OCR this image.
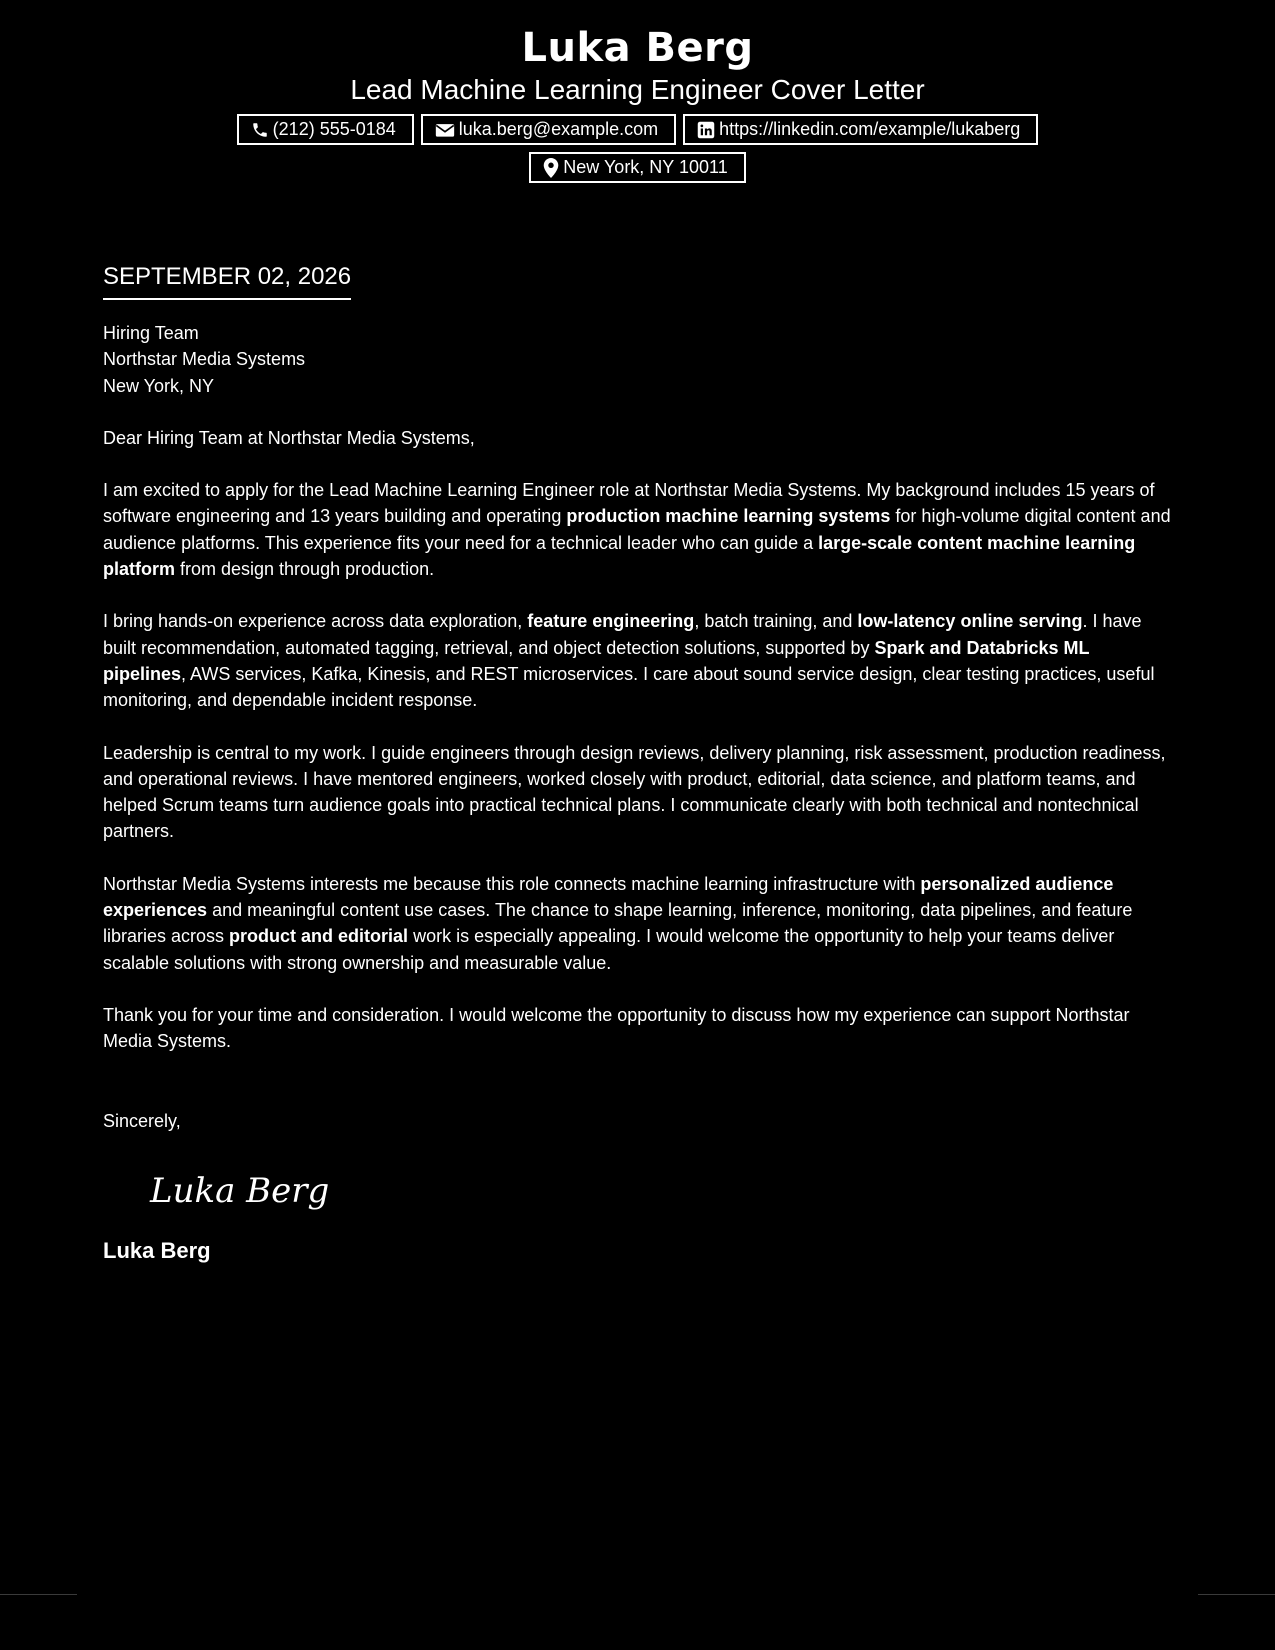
Luka Berg
Lead Machine Learning Engineer Cover Letter
(212) 555-0184	luka.berg@example.com	https://linkedin.com/example/lukaberg
New York, NY 10011
SEPTEMBER 02, 2026

Hiring Team

Northstar Media Systems

New York, NY

Dear Hiring Team at Northstar Media Systems,

I am excited to apply for the Lead Machine Learning Engineer role at Northstar Media Systems. My background includes 15 years of software engineering and 13 years building and operating production machine learning systems for high-volume digital content and audience platforms. This experience fits your need for a technical leader who can guide a large-scale content machine learning platform from design through production.

I bring hands-on experience across data exploration, feature engineering, batch training, and low-latency online serving. I have built recommendation, automated tagging, retrieval, and object detection solutions, supported by Spark and Databricks ML pipelines, AWS services, Kafka, Kinesis, and REST microservices. I care about sound service design, clear testing practices, useful monitoring, and dependable incident response.

Leadership is central to my work. I guide engineers through design reviews, delivery planning, risk assessment, production readiness, and operational reviews. I have mentored engineers, worked closely with product, editorial, data science, and platform teams, and helped Scrum teams turn audience goals into practical technical plans. I communicate clearly with both technical and nontechnical partners.

Northstar Media Systems interests me because this role connects machine learning infrastructure with personalized audience experiences and meaningful content use cases. The chance to shape learning, inference, monitoring, data pipelines, and feature libraries across product and editorial work is especially appealing. I would welcome the opportunity to help your teams deliver scalable solutions with strong ownership and measurable value.

Thank you for your time and consideration. I would welcome the opportunity to discuss how my experience can support Northstar Media Systems.

Sincerely,

Luka Berg
Luka Berg
